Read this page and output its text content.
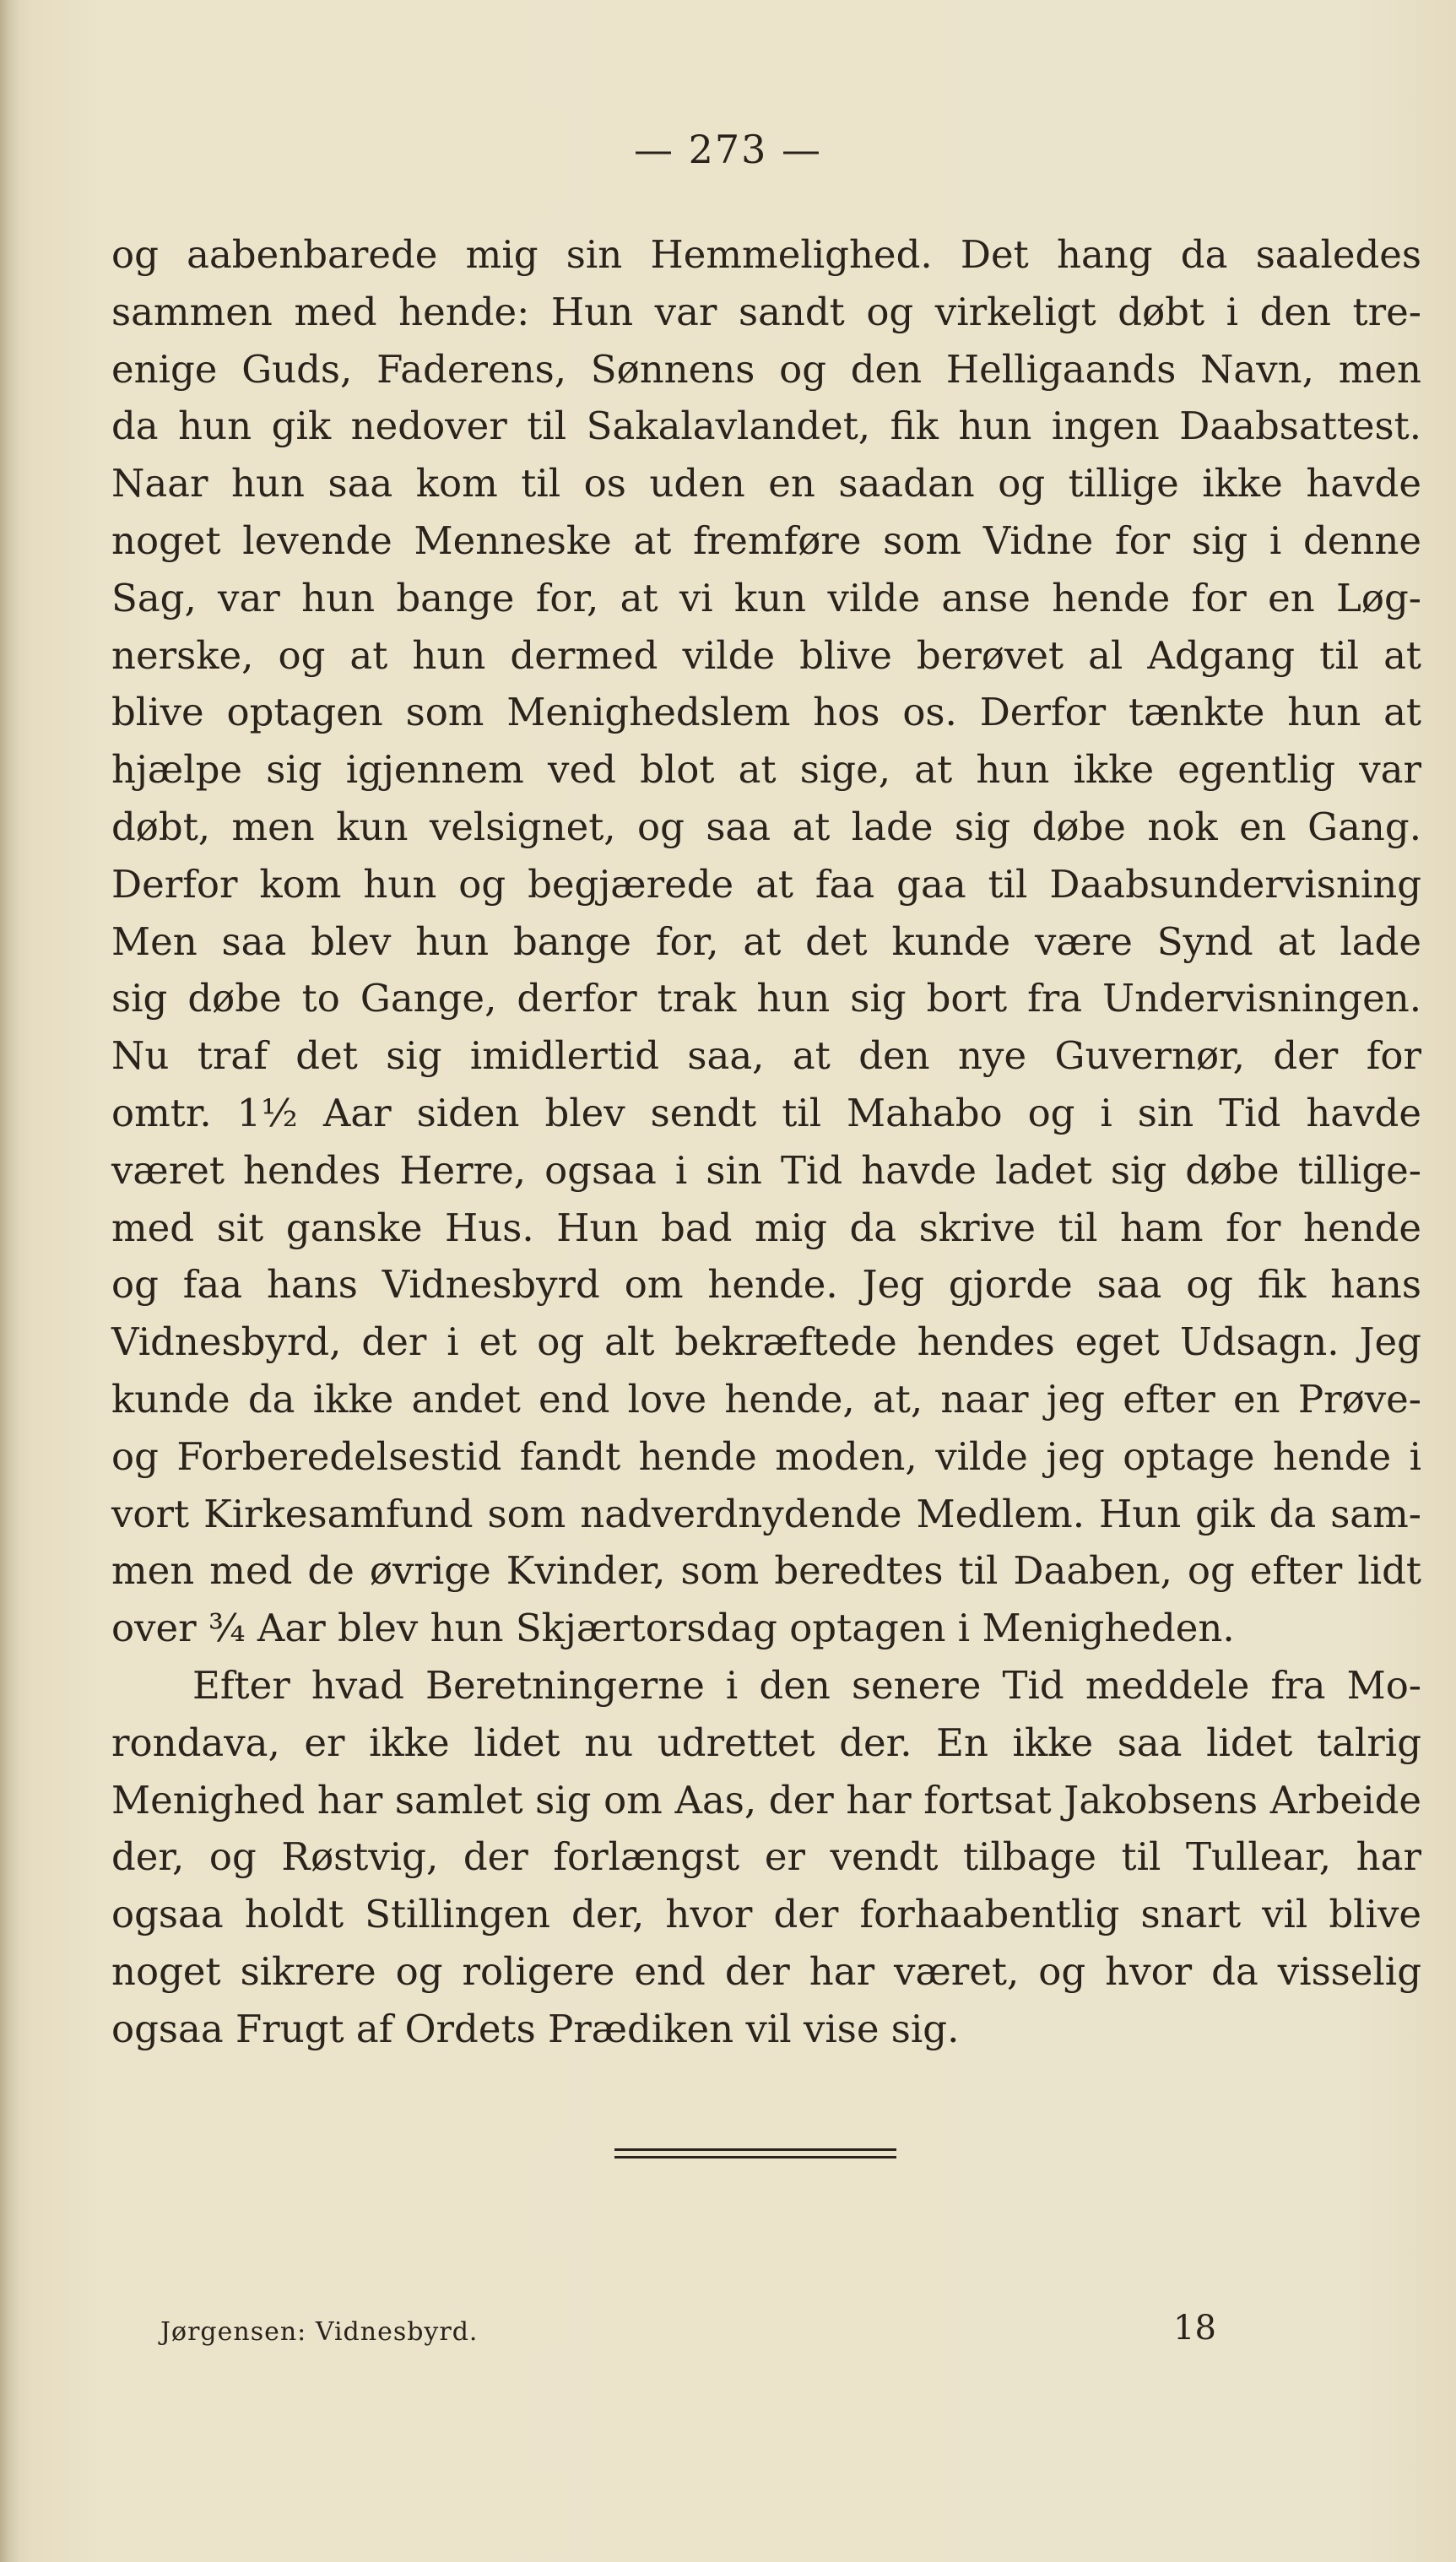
— 273 —
og aabenbarede mig sin Hemmelighed. Det hang da saaledes
sammen med hende: Hun var sandt og virkeligt døbt i den tre-
enige Guds, Faderens, Sønnens og den Helligaands Navn, men
da hun gik nedover til Sakalavlandet, fik hun ingen Daabsattest.
Naar hun saa kom til os uden en saadan og tillige ikke havde
noget levende Menneske at fremføre som Vidne for sig i denne
Sag, var hun bange for, at vi kun vilde anse hende for en Løg-
nerske, og at hun dermed vilde blive berøvet al Adgang til at
blive optagen som Menighedslem hos os. Derfor tænkte hun at
hjælpe sig igjennem ved blot at sige, at hun ikke egentlig var
døbt, men kun velsignet, og saa at lade sig døbe nok en Gang.
Derfor kom hun og begjærede at faa gaa til Daabsundervisning
Men saa blev hun bange for, at det kunde være Synd at lade
sig døbe to Gange, derfor trak hun sig bort fra Undervisningen.
Nu traf det sig imidlertid saa, at den nye Guvernør, der for
omtr. 1½ Aar siden blev sendt til Mahabo og i sin Tid havde
været hendes Herre, ogsaa i sin Tid havde ladet sig døbe tillige-
med sit ganske Hus. Hun bad mig da skrive til ham for hende
og faa hans Vidnesbyrd om hende. Jeg gjorde saa og fik hans
Vidnesbyrd, der i et og alt bekræftede hendes eget Udsagn. Jeg
kunde da ikke andet end love hende, at, naar jeg efter en Prøve-
og Forberedelsestid fandt hende moden, vilde jeg optage hende i
vort Kirkesamfund som nadverdnydende Medlem. Hun gik da sam-
men med de øvrige Kvinder, som beredtes til Daaben, og efter lidt
over ¾ Aar blev hun Skjærtorsdag optagen i Menigheden.
Efter hvad Beretningerne i den senere Tid meddele fra Mo-
rondava, er ikke lidet nu udrettet der. En ikke saa lidet talrig
Menighed har samlet sig om Aas, der har fortsat Jakobsens Arbeide
der, og Røstvig, der forlængst er vendt tilbage til Tullear, har
ogsaa holdt Stillingen der, hvor der forhaabentlig snart vil blive
noget sikrere og roligere end der har været, og hvor da visselig
ogsaa Frugt af Ordets Prædiken vil vise sig.
Jørgensen: Vidnesbyrd.	18
